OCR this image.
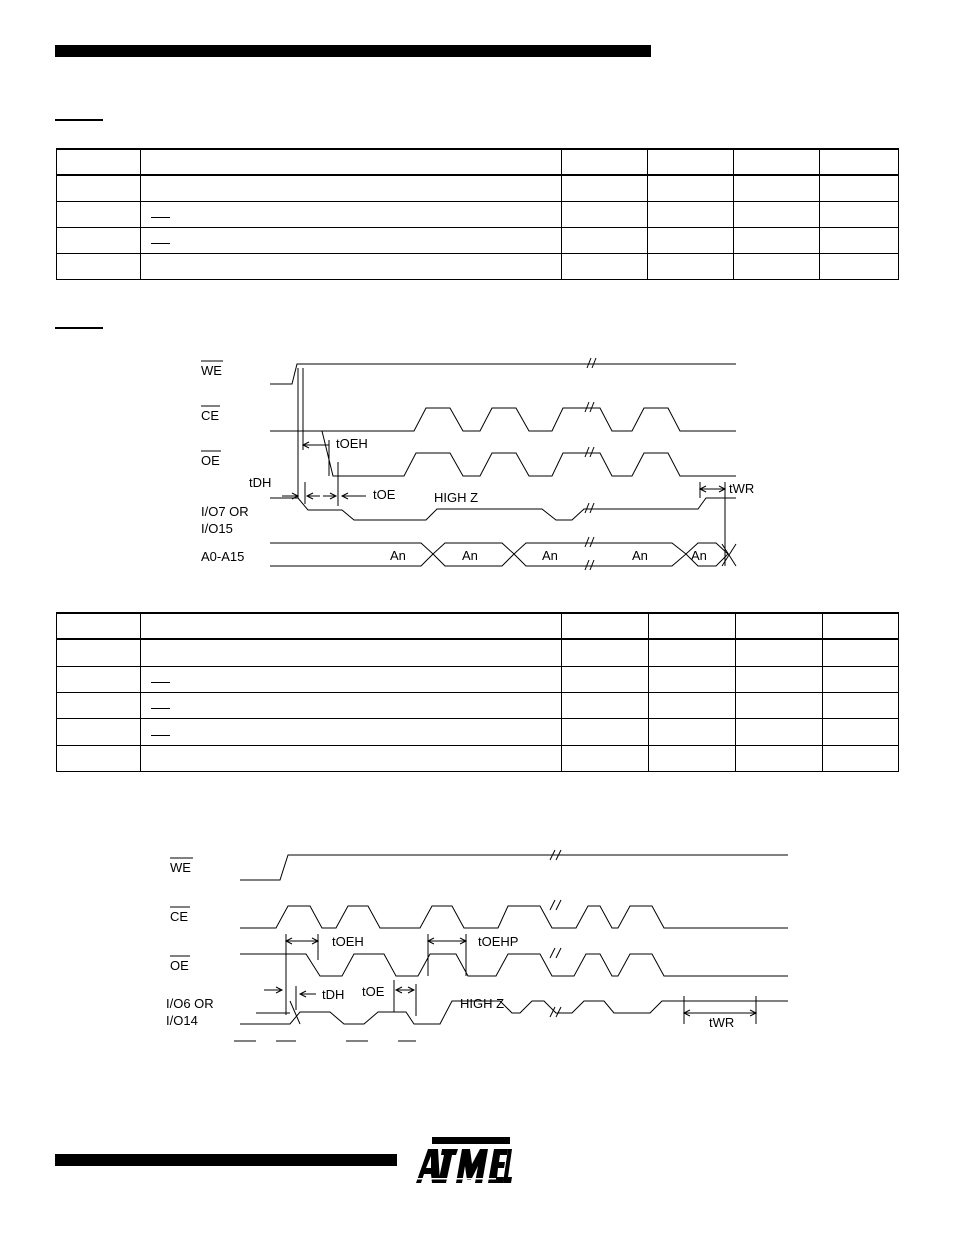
WE
CE
OE
I/O7 OR
I/O15
A0-A15	An	An	An	An	An
tOEH
tDH
tOE	HIGH Z
tWR

WE
CE
OE
I/O6 OR
I/O14
tOEH	tOEHP
tDH tOE
HIGH Z
tWR
